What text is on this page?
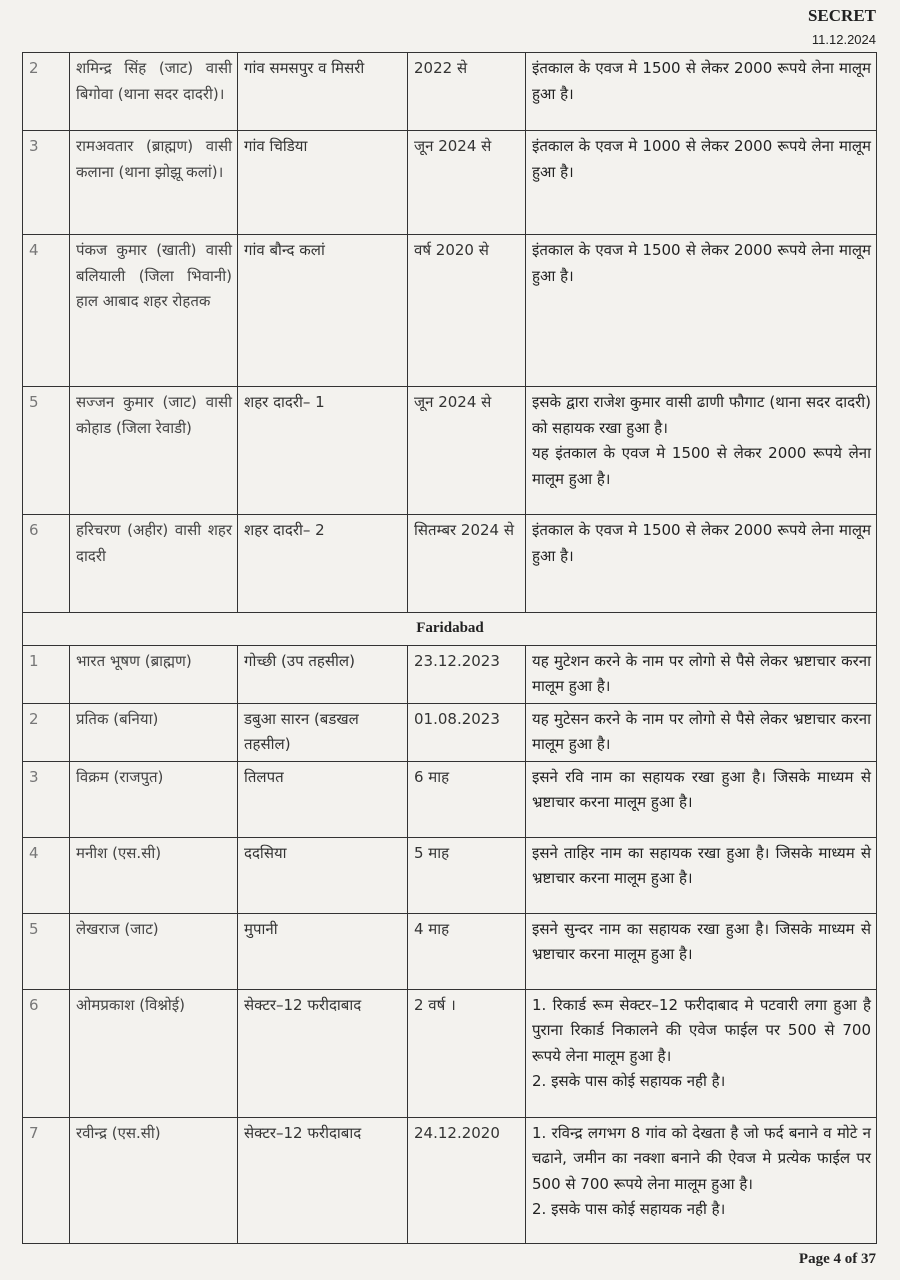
SECRET
11.12.2024
2	शमिन्द्र सिंह (जाट) वासी बिगोवा (थाना सदर दादरी)।	गांव समसपुर व मिसरी	2022 से	इंतकाल के एवज मे 1500 से लेकर 2000 रूपये लेना मालूम हुआ है।
3	रामअवतार (ब्राह्मण) वासी कलाना (थाना झोझू कलां)।	गांव चिडिया	जून 2024 से	इंतकाल के एवज मे 1000 से लेकर 2000 रूपये लेना मालूम हुआ है।
4	पंकज कुमार (खाती) वासी बलियाली (जिला भिवानी) हाल आबाद शहर रोहतक	गांव बौन्द कलां	वर्ष 2020 से	इंतकाल के एवज मे 1500 से लेकर 2000 रूपये लेना मालूम हुआ है।
5	सज्जन कुमार (जाट) वासी कोहाड (जिला रेवाडी)	शहर दादरी– 1	जून 2024 से	इसके द्वारा राजेश कुमार वासी ढाणी फौगाट (थाना सदर दादरी) को सहायक रखा हुआ है।
यह इंतकाल के एवज मे 1500 से लेकर 2000 रूपये लेना मालूम हुआ है।

6	हरिचरण (अहीर) वासी शहर दादरी	शहर दादरी– 2	सितम्बर 2024 से	इंतकाल के एवज मे 1500 से लेकर 2000 रूपये लेना मालूम हुआ है।
Faridabad				
1	भारत भूषण (ब्राह्मण)	गोच्छी (उप तहसील)	23.12.2023	यह मुटेशन करने के नाम पर लोगो से पैसे लेकर भ्रष्टाचार करना मालूम हुआ है।
2	प्रतिक (बनिया)	डबुआ सारन (बडखल तहसील)	01.08.2023	यह मुटेसन करने के नाम पर लोगो से पैसे लेकर भ्रष्टाचार करना मालूम हुआ है।
3	विक्रम (राजपुत)	तिलपत	6 माह	इसने रवि नाम का सहायक रखा हुआ है। जिसके माध्यम से भ्रष्टाचार करना मालूम हुआ है।
4	मनीश (एस.सी)	ददसिया	5 माह	इसने ताहिर नाम का सहायक रखा हुआ है। जिसके माध्यम से भ्रष्टाचार करना मालूम हुआ है।
5	लेखराज (जाट)	मुपानी	4 माह	इसने सुन्दर नाम का सहायक रखा हुआ है। जिसके माध्यम से भ्रष्टाचार करना मालूम हुआ है।
6	ओमप्रकाश (विश्नोई)	सेक्टर–12 फरीदाबाद	2 वर्ष ।	1. रिकार्ड रूम सेक्टर–12 फरीदाबाद मे पटवारी लगा हुआ है पुराना रिकार्ड निकालने की एवेज फाईल पर 500 से 700 रूपये लेना मालूम हुआ है।
2. इसके पास कोई सहायक नही है।

7	रवीन्द्र (एस.सी)	सेक्टर–12 फरीदाबाद	24.12.2020	1. रविन्द्र लगभग 8 गांव को देखता है जो फर्द बनाने व मोटे न चढाने, जमीन का नक्शा बनाने की ऐवज मे प्रत्येक फाईल पर 500 से 700 रूपये लेना मालूम हुआ है।
2. इसके पास कोई सहायक नही है।
Page 4 of 37
